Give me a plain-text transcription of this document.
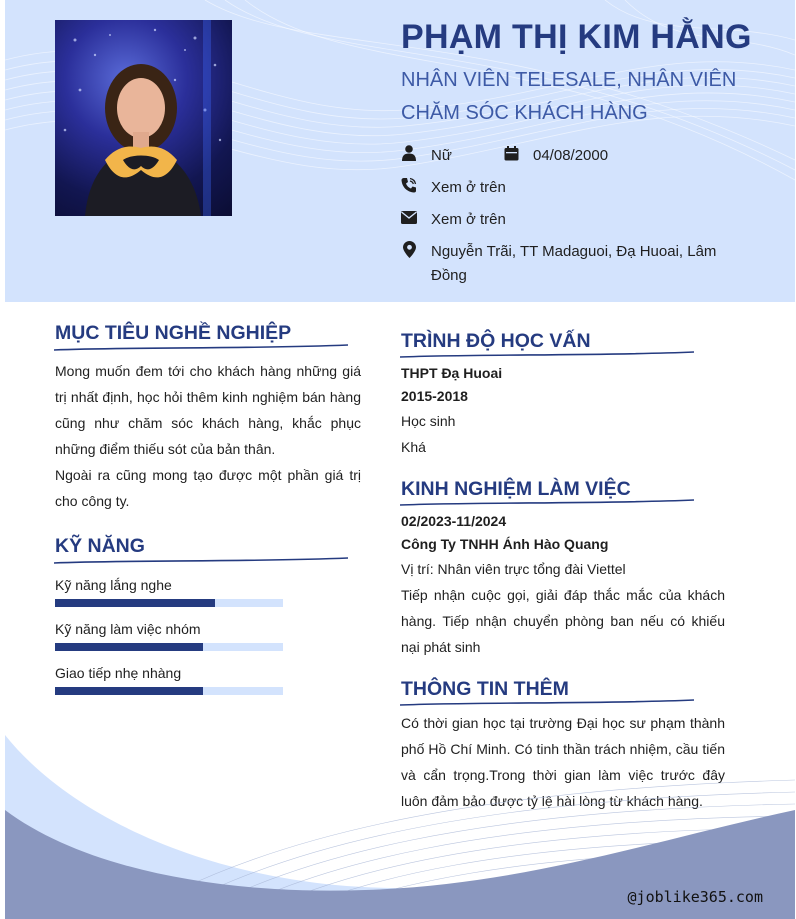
PHẠM THỊ KIM HẰNG
NHÂN VIÊN TELESALE, NHÂN VIÊN CHĂM SÓC KHÁCH HÀNG
Nữ	04/08/2000
Xem ở trên
Xem ở trên
Nguyễn Trãi, TT Madaguoi, Đạ Huoai, Lâm Đồng
MỤC TIÊU NGHỀ NGHIỆP
Mong muốn đem tới cho khách hàng những giá trị nhất định, học hỏi thêm kinh nghiệm bán hàng cũng như chăm sóc khách hàng, khắc phục những điểm thiếu sót của bản thân.
Ngoài ra cũng mong tạo được một phần giá trị cho công ty.
KỸ NĂNG
Kỹ năng lắng nghe
Kỹ năng làm việc nhóm
Giao tiếp nhẹ nhàng
TRÌNH ĐỘ HỌC VẤN
THPT Đạ Huoai
2015-2018
Học sinh
Khá
KINH NGHIỆM LÀM VIỆC
02/2023-11/2024
Công Ty TNHH Ánh Hào Quang
Vị trí: Nhân viên trực tổng đài Viettel
Tiếp nhận cuộc gọi, giải đáp thắc mắc của khách hàng. Tiếp nhận chuyển phòng ban nếu có khiếu nại phát sinh
THÔNG TIN THÊM
Có thời gian học tại trường Đại học sư phạm thành phố Hồ Chí Minh. Có tinh thần trách nhiệm, cầu tiến và cẩn trọng.Trong thời gian làm việc trước đây luôn đảm bảo được tỷ lệ hài lòng từ khách hàng.
@joblike365.com
